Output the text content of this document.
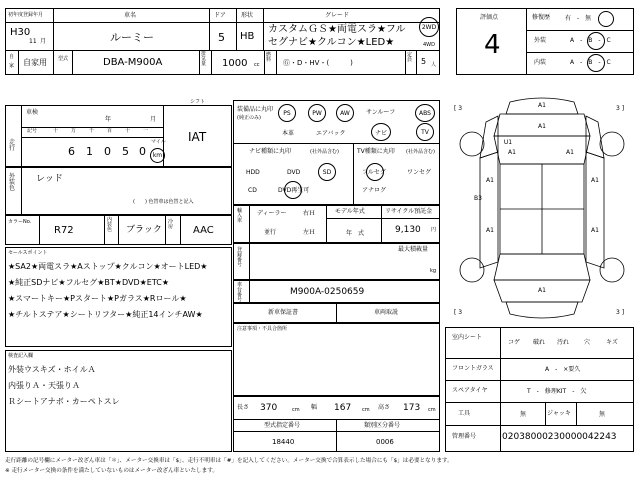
初年度登録年月
H30
11 月
車名
ルーミー
ドア
5
形状
HB
グレード
カスタムＧＳ★両電スラ★フル
セグナビ★クルコン★LED★
2WD
4WD
自
家 自家用 型式	DBA-M900A
排気量	1000 cc
燃料	Ⓖ・D・HV・(　　　)
定員	5 人
評価点
4
修復歴 有　-　無
外装	A　-　B　-　C
内装	A　-　B　-　C
車検
年	月
シフト
IAT
走行
記号	十	万	千	百	十	一
6 1 0 5 0
マイル
km
装備品に丸印
(純正のみ)
PS	PW	AW	サンルーフ	ABS
本革	エアバック	ナビ	TV
ナビ種類に丸印	(社外品含む)
HDD	DVD	SD
CD	DVD再生可
TV種類に丸印 (社外品含む)
フルセグ	ワンセグ
アナログ
外装色
レッド
(　　) 色替車は色替と記入
カラーNo.
R72
内装色	ブラック
冷房 AAC
セールスポイント
★SA2★両電スラ★Aストップ★クルコン★オートLED★
★純正SDナビ★フルセグ★BT★DVD★ETC★
★スマートキー★Pスタート★Pガラス★Rロール★
★チルトステア★シートリフター★純正14インチAW★
検査記入欄
外装ウスキズ・ホイルＡ
内張りＡ・天張りＡ
Ｒシートアナボ・カーペトスレ
輸入車
ディーラー
並行
右Ｈ
左Ｈ
モデル年式
年　式
リサイクル預託金
9,130 円
登録番号
最大積載量
kg
車台番号
M900A-0250659
新車保証書	車両取説
注意事項・不具合箇所
長さ 370	cm 幅 167 cm 高さ 173 cm
型式指定番号
18440
類別区分番号
0006
A1
A1
A1	A1
A1
U1
A1
A1	A1
B3
A1
[ 3	3 ]
[ 3	3 ]
室内シート
コゲ 破れ 汚れ 穴	キズ
フロントガラス	A　-　×要久
スペアタイヤ	T　-　修理KIT　-　欠
工具	無	ジャッキ	無
管理番号	02038000230000042243
走行距離の記号欄にメーター改ざん車は「＊」、メーター交換車は「$」、走行不明車は「#」を記入してください。メーター交換で合算表示した場合にも「$」は必要となります。
※ 走行メーター交換の条件を満たしていないものはメーター改ざん車といたします。
